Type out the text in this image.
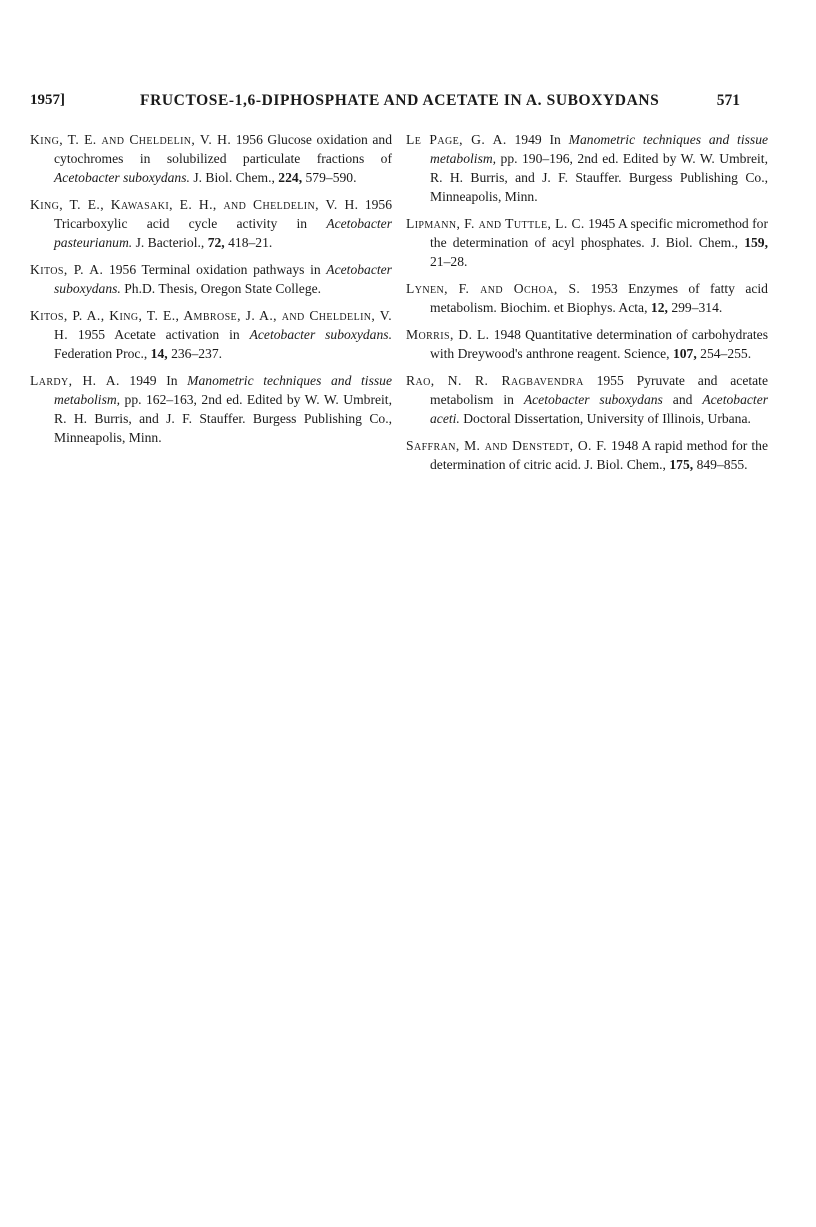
1957]	FRUCTOSE-1,6-DIPHOSPHATE AND ACETATE IN A. SUBOXYDANS	571

King, T. E. and Cheldelin, V. H. 1956 Glucose oxidation and cytochromes in solubilized particulate fractions of Acetobacter suboxydans. J. Biol. Chem., 224, 579–590.

King, T. E., Kawasaki, E. H., and Cheldelin, V. H. 1956 Tricarboxylic acid cycle activity in Acetobacter pasteurianum. J. Bacteriol., 72, 418–21.

Kitos, P. A. 1956 Terminal oxidation pathways in Acetobacter suboxydans. Ph.D. Thesis, Oregon State College.

Kitos, P. A., King, T. E., Ambrose, J. A., and Cheldelin, V. H. 1955 Acetate activation in Acetobacter suboxydans. Federation Proc., 14, 236–237.

Lardy, H. A. 1949 In Manometric techniques and tissue metabolism, pp. 162–163, 2nd ed. Edited by W. W. Umbreit, R. H. Burris, and J. F. Stauffer. Burgess Publishing Co., Minneapolis, Minn.

Le Page, G. A. 1949 In Manometric techniques and tissue metabolism, pp. 190–196, 2nd ed. Edited by W. W. Umbreit, R. H. Burris, and J. F. Stauffer. Burgess Publishing Co., Minneapolis, Minn.

Lipmann, F. and Tuttle, L. C. 1945 A specific micromethod for the determination of acyl phosphates. J. Biol. Chem., 159, 21–28.

Lynen, F. and Ochoa, S. 1953 Enzymes of fatty acid metabolism. Biochim. et Biophys. Acta, 12, 299–314.

Morris, D. L. 1948 Quantitative determination of carbohydrates with Dreywood's anthrone reagent. Science, 107, 254–255.

Rao, N. R. Ragbavendra 1955 Pyruvate and acetate metabolism in Acetobacter suboxydans and Acetobacter aceti. Doctoral Dissertation, University of Illinois, Urbana.

Saffran, M. and Denstedt, O. F. 1948 A rapid method for the determination of citric acid. J. Biol. Chem., 175, 849–855.
